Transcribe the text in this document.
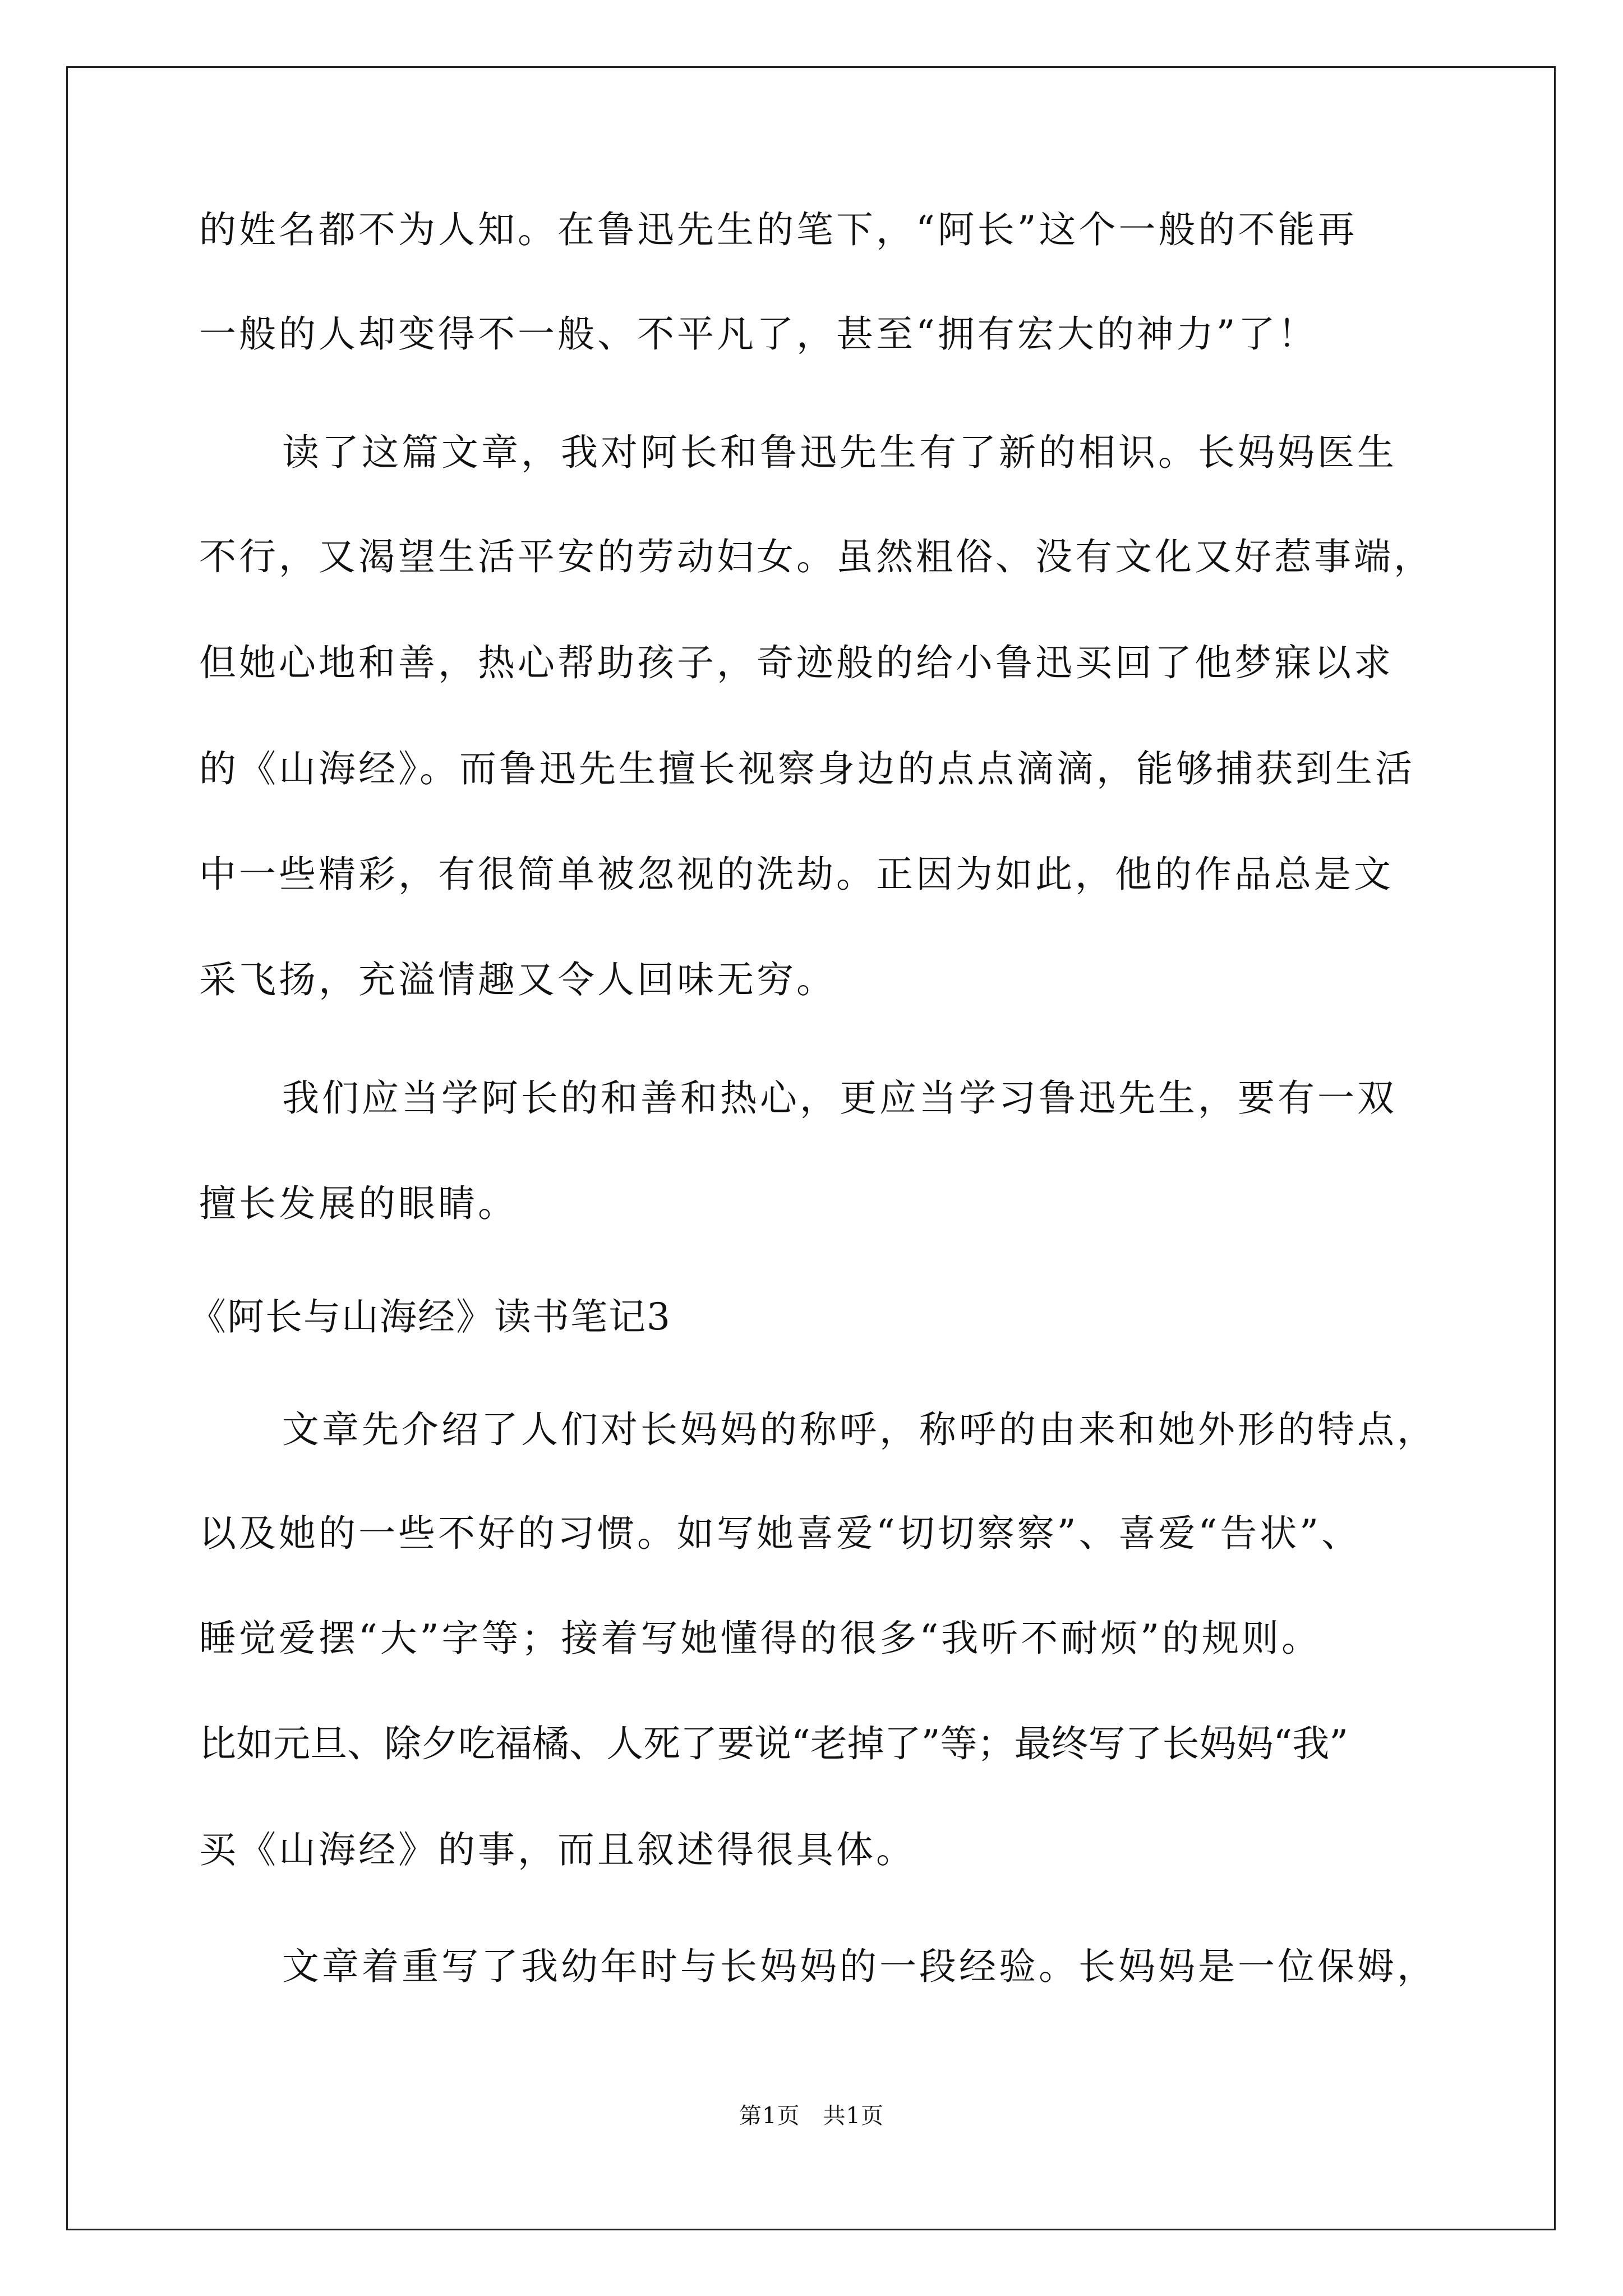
的姓名都不为人知。在鲁迅先生的笔下，“阿长”这个一般的不能再
一般的人却变得不一般、不平凡了，甚至“拥有宏大的神力”了！
读了这篇文章，我对阿长和鲁迅先生有了新的相识。长妈妈医生
不行，又渴望生活平安的劳动妇女。虽然粗俗、没有文化又好惹事端，
但她心地和善，热心帮助孩子，奇迹般的给小鲁迅买回了他梦寐以求
的《山海经》。而鲁迅先生擅长视察身边的点点滴滴，能够捕获到生活
中一些精彩，有很简单被忽视的洗劫。正因为如此，他的作品总是文
采飞扬，充溢情趣又令人回味无穷。
我们应当学阿长的和善和热心，更应当学习鲁迅先生，要有一双
擅长发展的眼睛。
《阿长与山海经》读书笔记3
文章先介绍了人们对长妈妈的称呼，称呼的由来和她外形的特点，
以及她的一些不好的习惯。如写她喜爱“切切察察”、喜爱“告状”、
睡觉爱摆“大”字等；接着写她懂得的很多“我听不耐烦”的规则。
比如元旦、除夕吃福橘、人死了要说“老掉了”等；最终写了长妈妈“我”
买《山海经》的事，而且叙述得很具体。
文章着重写了我幼年时与长妈妈的一段经验。长妈妈是一位保姆，
第1页　共1页
